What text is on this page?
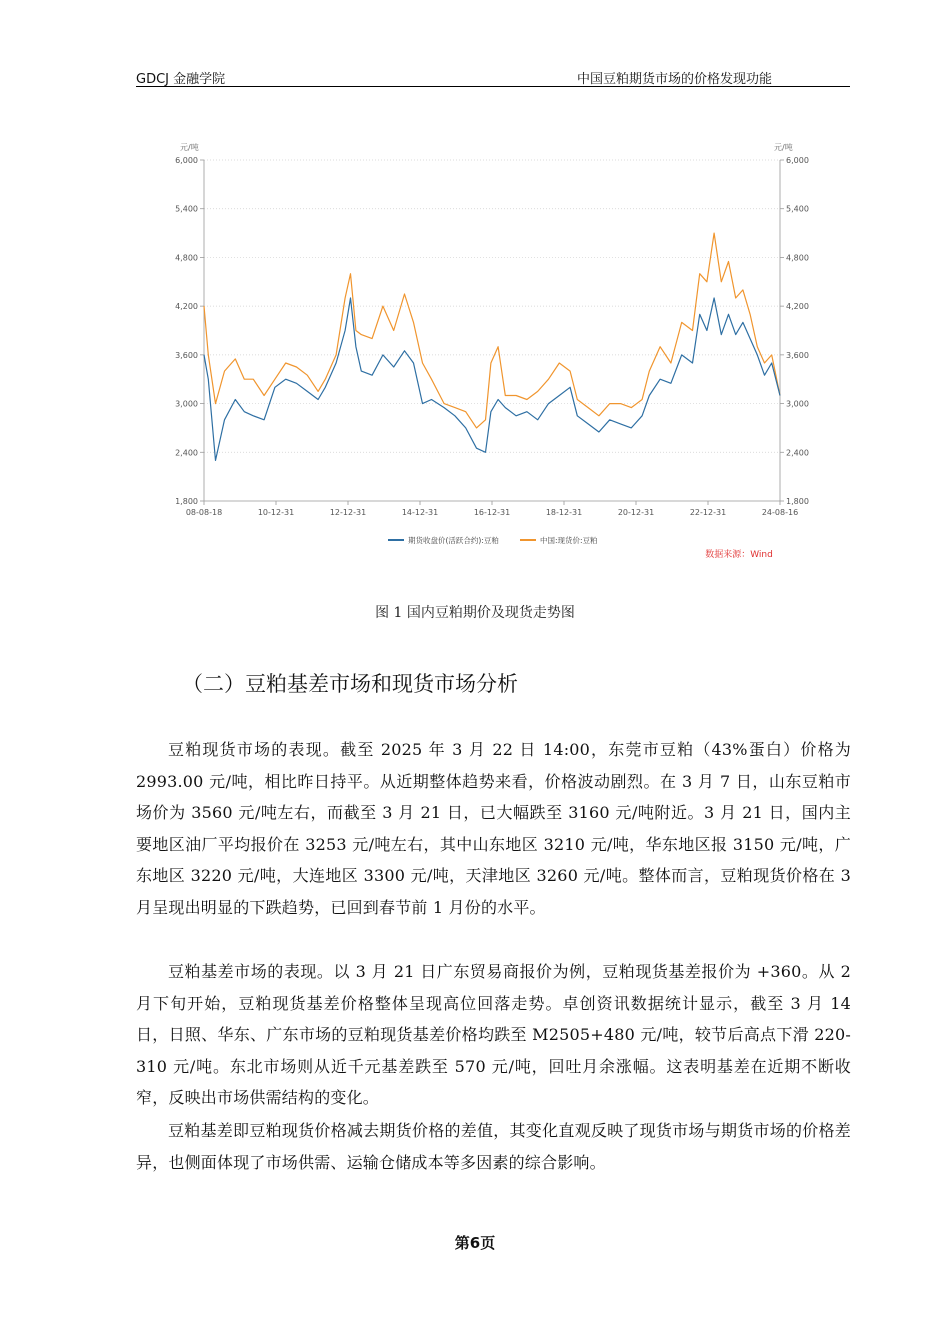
GDCJ 金融学院	中国豆粕期货市场的价格发现功能
元/吨	元/吨
1,800	1,800
2,400	2,400
3,000	3,000
3,600	3,600
4,200	4,200
4,800	4,800
5,400	5,400
6,000	6,000
08-08-18	10-12-31	12-12-31	14-12-31	16-12-31	18-12-31	20-12-31	22-12-31	24-08-16
期货收盘价(活跃合约):豆粕	中国:现货价:豆粕
数据来源：Wind
图 1 国内豆粕期价及现货走势图
（二）豆粕基差市场和现货市场分析

豆粕现货市场的表现。截至 2025 年 3 月 22 日 14:00，东莞市豆粕（43%蛋白）价格为 2993.00 元/吨，相比昨日持平。从近期整体趋势来看，价格波动剧烈。在 3 月 7 日，山东豆粕市场价为 3560 元/吨左右，而截至 3 月 21 日，已大幅跌至 3160 元/吨附近。3 月 21 日，国内主要地区油厂平均报价在 3253 元/吨左右，其中山东地区 3210 元/吨，华东地区报 3150 元/吨，广东地区 3220 元/吨，大连地区 3300 元/吨，天津地区 3260 元/吨。整体而言，豆粕现货价格在 3 月呈现出明显的下跌趋势，已回到春节前 1 月份的水平。

豆粕基差市场的表现。以 3 月 21 日广东贸易商报价为例，豆粕现货基差报价为 +360。从 2 月下旬开始，豆粕现货基差价格整体呈现高位回落走势。卓创资讯数据统计显示，截至 3 月 14 日，日照、华东、广东市场的豆粕现货基差价格均跌至 M2505+480 元/吨，较节后高点下滑 220-310 元/吨。东北市场则从近千元基差跌至 570 元/吨，回吐月余涨幅。这表明基差在近期不断收窄，反映出市场供需结构的变化。

豆粕基差即豆粕现货价格减去期货价格的差值，其变化直观反映了现货市场与期货市场的价格差异，也侧面体现了市场供需、运输仓储成本等多因素的综合影响。

第6页
